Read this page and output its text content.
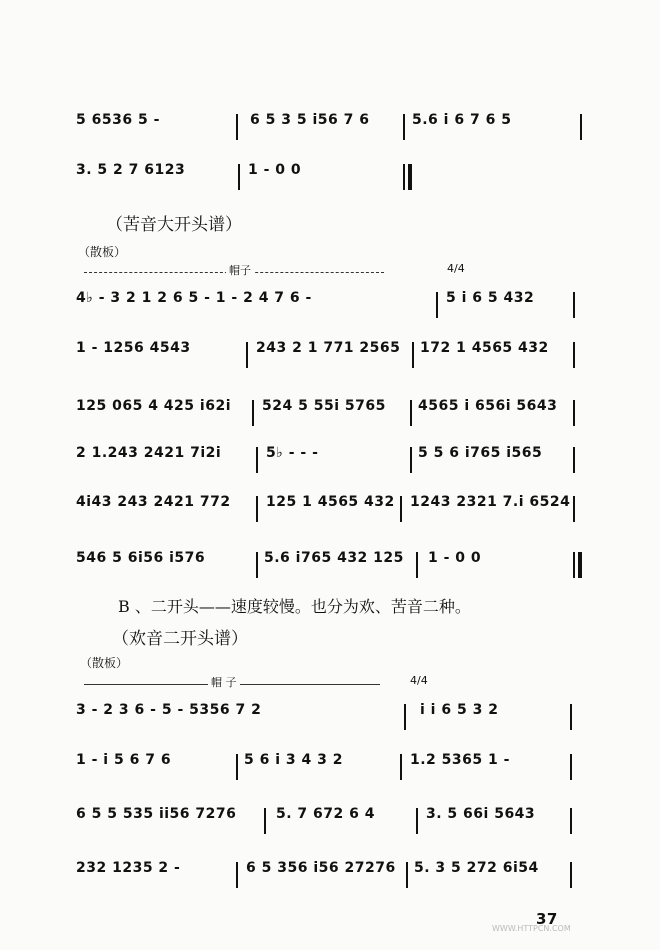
5 6536 5 -	6 5 3 5 i56 7 6	5.6 i 6 7 6 5
3. 5 2 7 6123	1 - 0 0
（苦音大开头谱）
（散板）
帽子	4/4
4♭ - 3 2 1 2 6 5 - 1 - 2 4 7 6 -	5 i 6 5 432
1 - 1256 4543	243 2 1 771 2565 172 1 4565 432
125 065 4 425 i62i 524 5 55i 5765 4565 i 656i 5643
2 1.243 2421 7i2i	5♭ - - -	5 5 6 i765 i565
4i43 243 2421 772	125 1 4565 432 1243 2321 7.i 6524
546 5 6i56 i576	5.6 i765 432 125 1 - 0 0
B 、二开头——速度较慢。也分为欢、苦音二种。
（欢音二开头谱）
（散板）
帽 子	4/4
3 - 2 3 6 - 5 - 5356 7 2	i i 6 5 3 2
1 - i 5 6 7 6	5 6 i 3 4 3 2	1.2 5365 1 -
6 5 5 535 ii56 7276	5. 7 672 6 4	3. 5 66i 5643
232 1235 2 -	6 5 356 i56 27276 5. 3 5 272 6i54
WWW.HTTPCN.COM
37
